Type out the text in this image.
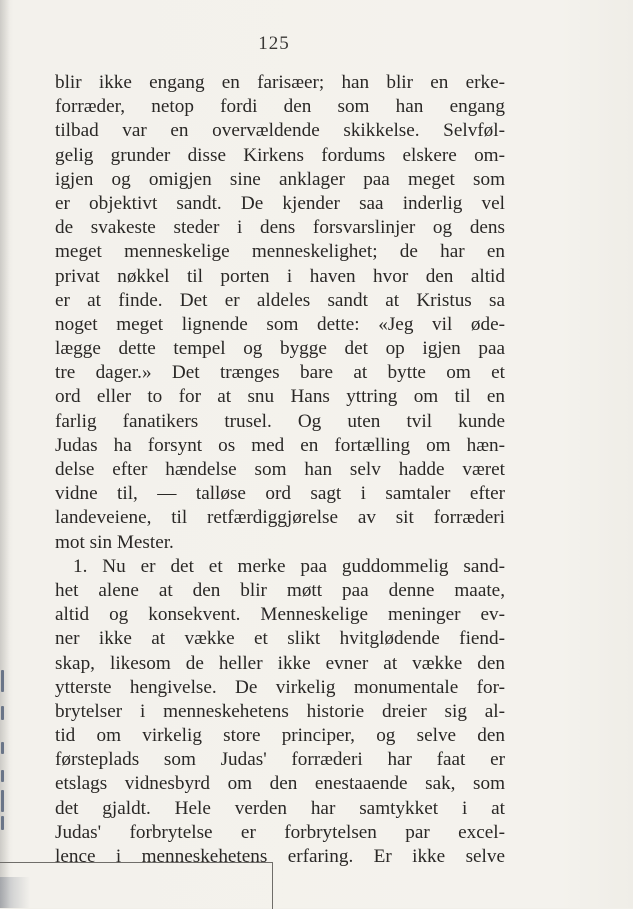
125
blir ikke engang en farisæer; han blir en erke-
forræder, netop fordi den som han engang
tilbad var en overvældende skikkelse. Selvføl-
gelig grunder disse Kirkens fordums elskere om-
igjen og omigjen sine anklager paa meget som
er objektivt sandt. De kjender saa inderlig vel
de svakeste steder i dens forsvarslinjer og dens
meget menneskelige menneskelighet; de har en
privat nøkkel til porten i haven hvor den altid
er at finde. Det er aldeles sandt at Kristus sa
noget meget lignende som dette: «Jeg vil øde-
lægge dette tempel og bygge det op igjen paa
tre dager.» Det trænges bare at bytte om et
ord eller to for at snu Hans yttring om til en
farlig fanatikers trusel. Og uten tvil kunde
Judas ha forsynt os med en fortælling om hæn-
delse efter hændelse som han selv hadde været
vidne til, — talløse ord sagt i samtaler efter
landeveiene, til retfærdiggjørelse av sit forræderi
mot sin Mester.
1. Nu er det et merke paa guddommelig sand-
het alene at den blir møtt paa denne maate,
altid og konsekvent. Menneskelige meninger ev-
ner ikke at vække et slikt hvitglødende fiend-
skap, likesom de heller ikke evner at vække den
ytterste hengivelse. De virkelig monumentale for-
brytelser i menneskehetens historie dreier sig al-
tid om virkelig store principer, og selve den
førsteplads som Judas' forræderi har faat er
etslags vidnesbyrd om den enestaaende sak, som
det gjaldt. Hele verden har samtykket i at
Judas' forbrytelse er forbrytelsen par excel-
lence i menneskehetens erfaring. Er ikke selve
